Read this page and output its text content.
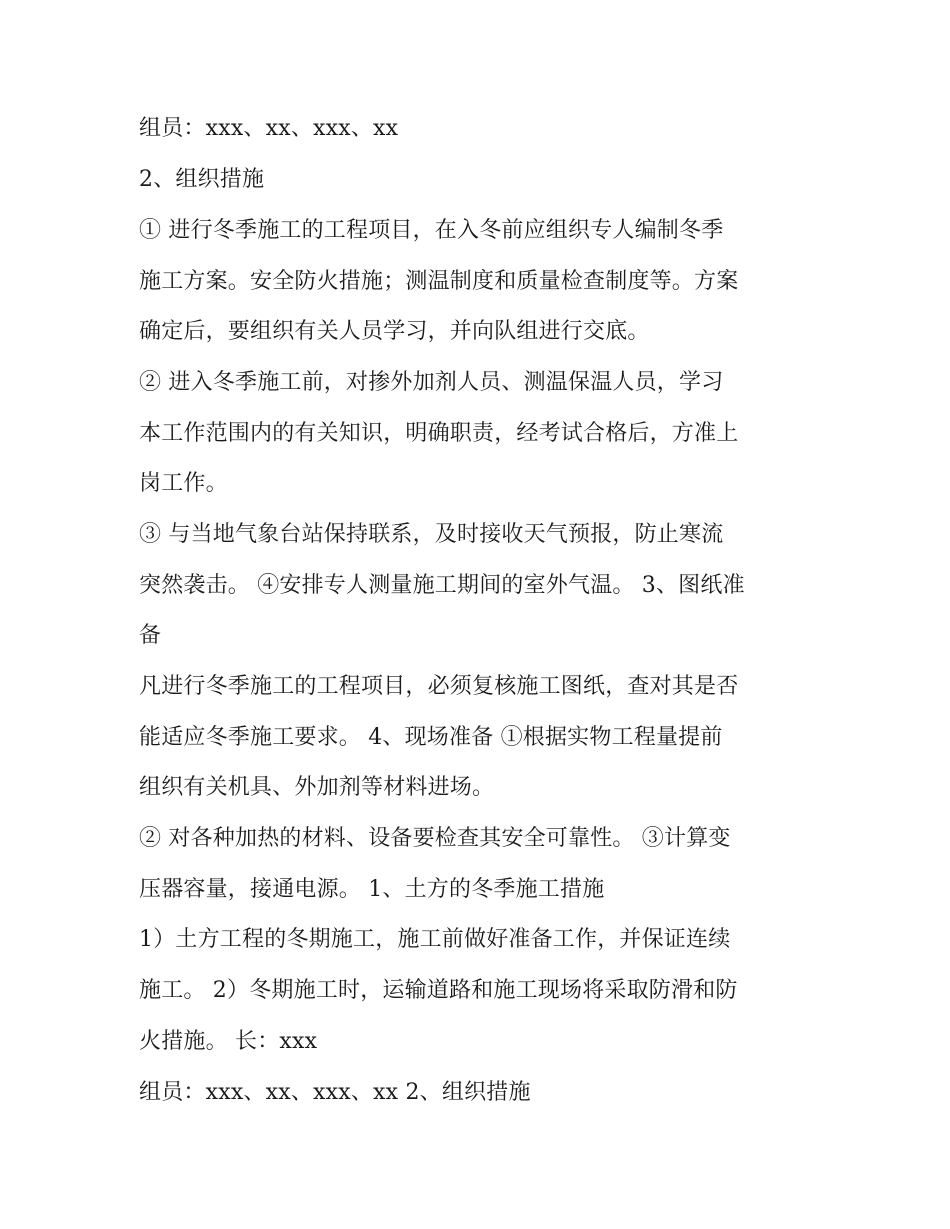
组员：xxx、xx、xxx、xx
2、组织措施
① 进行冬季施工的工程项目，在入冬前应组织专人编制冬季
施工方案。安全防火措施；测温制度和质量检查制度等。方案
确定后，要组织有关人员学习，并向队组进行交底。
② 进入冬季施工前，对掺外加剂人员、测温保温人员，学习
本工作范围内的有关知识，明确职责，经考试合格后，方准上
岗工作。
③ 与当地气象台站保持联系，及时接收天气预报，防止寒流
突然袭击。 ④安排专人测量施工期间的室外气温。 3、图纸准
备
凡进行冬季施工的工程项目，必须复核施工图纸，查对其是否
能适应冬季施工要求。 4、现场准备 ①根据实物工程量提前
组织有关机具、外加剂等材料进场。
② 对各种加热的材料、设备要检查其安全可靠性。 ③计算变
压器容量，接通电源。 1、土方的冬季施工措施
1）土方工程的冬期施工，施工前做好准备工作，并保证连续
施工。 2）冬期施工时，运输道路和施工现场将采取防滑和防
火措施。 长：xxx
组员：xxx、xx、xxx、xx 2、组织措施
